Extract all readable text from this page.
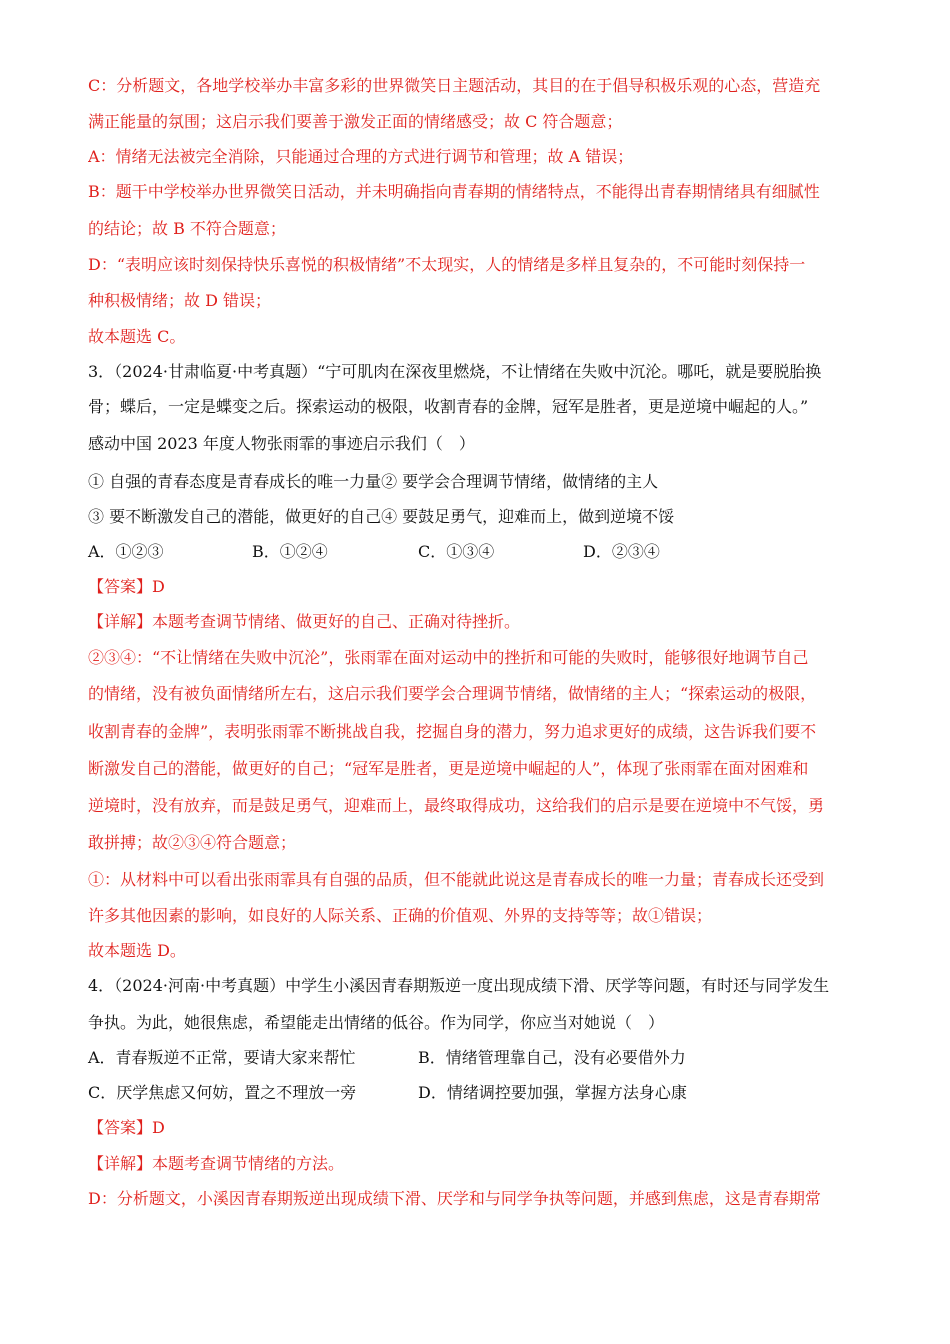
C：分析题文，各地学校举办丰富多彩的世界微笑日主题活动，其目的在于倡导积极乐观的心态，营造充
满正能量的氛围；这启示我们要善于激发正面的情绪感受；故 C 符合题意；
A：情绪无法被完全消除，只能通过合理的方式进行调节和管理；故 A 错误；
B：题干中学校举办世界微笑日活动，并未明确指向青春期的情绪特点，不能得出青春期情绪具有细腻性
的结论；故 B 不符合题意；
D：“表明应该时刻保持快乐喜悦的积极情绪”不太现实，人的情绪是多样且复杂的，不可能时刻保持一
种积极情绪；故 D 错误；
故本题选 C。
3．（2024·甘肃临夏·中考真题）“宁可肌肉在深夜里燃烧，不让情绪在失败中沉沦。哪吒，就是要脱胎换
骨；蝶后，一定是蝶变之后。探索运动的极限，收割青春的金牌，冠军是胜者，更是逆境中崛起的人。”
感动中国 2023 年度人物张雨霏的事迹启示我们（　）
① 自强的青春态度是青春成长的唯一力量② 要学会合理调节情绪，做情绪的主人
③ 要不断激发自己的潜能，做更好的自己④ 要鼓足勇气，迎难而上，做到逆境不馁
A．①②③	B．①②④	C．①③④	D．②③④
【答案】D
【详解】本题考查调节情绪、做更好的自己、正确对待挫折。
②③④：“不让情绪在失败中沉沦”，张雨霏在面对运动中的挫折和可能的失败时，能够很好地调节自己
的情绪，没有被负面情绪所左右，这启示我们要学会合理调节情绪，做情绪的主人；“探索运动的极限，
收割青春的金牌”，表明张雨霏不断挑战自我，挖掘自身的潜力，努力追求更好的成绩，这告诉我们要不
断激发自己的潜能，做更好的自己；“冠军是胜者，更是逆境中崛起的人”，体现了张雨霏在面对困难和
逆境时，没有放弃，而是鼓足勇气，迎难而上，最终取得成功，这给我们的启示是要在逆境中不气馁，勇
敢拼搏；故②③④符合题意；
①：从材料中可以看出张雨霏具有自强的品质，但不能就此说这是青春成长的唯一力量；青春成长还受到
许多其他因素的影响，如良好的人际关系、正确的价值观、外界的支持等等；故①错误；
故本题选 D。
4．（2024·河南·中考真题）中学生小溪因青春期叛逆一度出现成绩下滑、厌学等问题，有时还与同学发生
争执。为此，她很焦虑，希望能走出情绪的低谷。作为同学，你应当对她说（　）
A．青春叛逆不正常，要请大家来帮忙	B．情绪管理靠自己，没有必要借外力
C．厌学焦虑又何妨，置之不理放一旁	D．情绪调控要加强，掌握方法身心康
【答案】D
【详解】本题考查调节情绪的方法。
D：分析题文，小溪因青春期叛逆出现成绩下滑、厌学和与同学争执等问题，并感到焦虑，这是青春期常
